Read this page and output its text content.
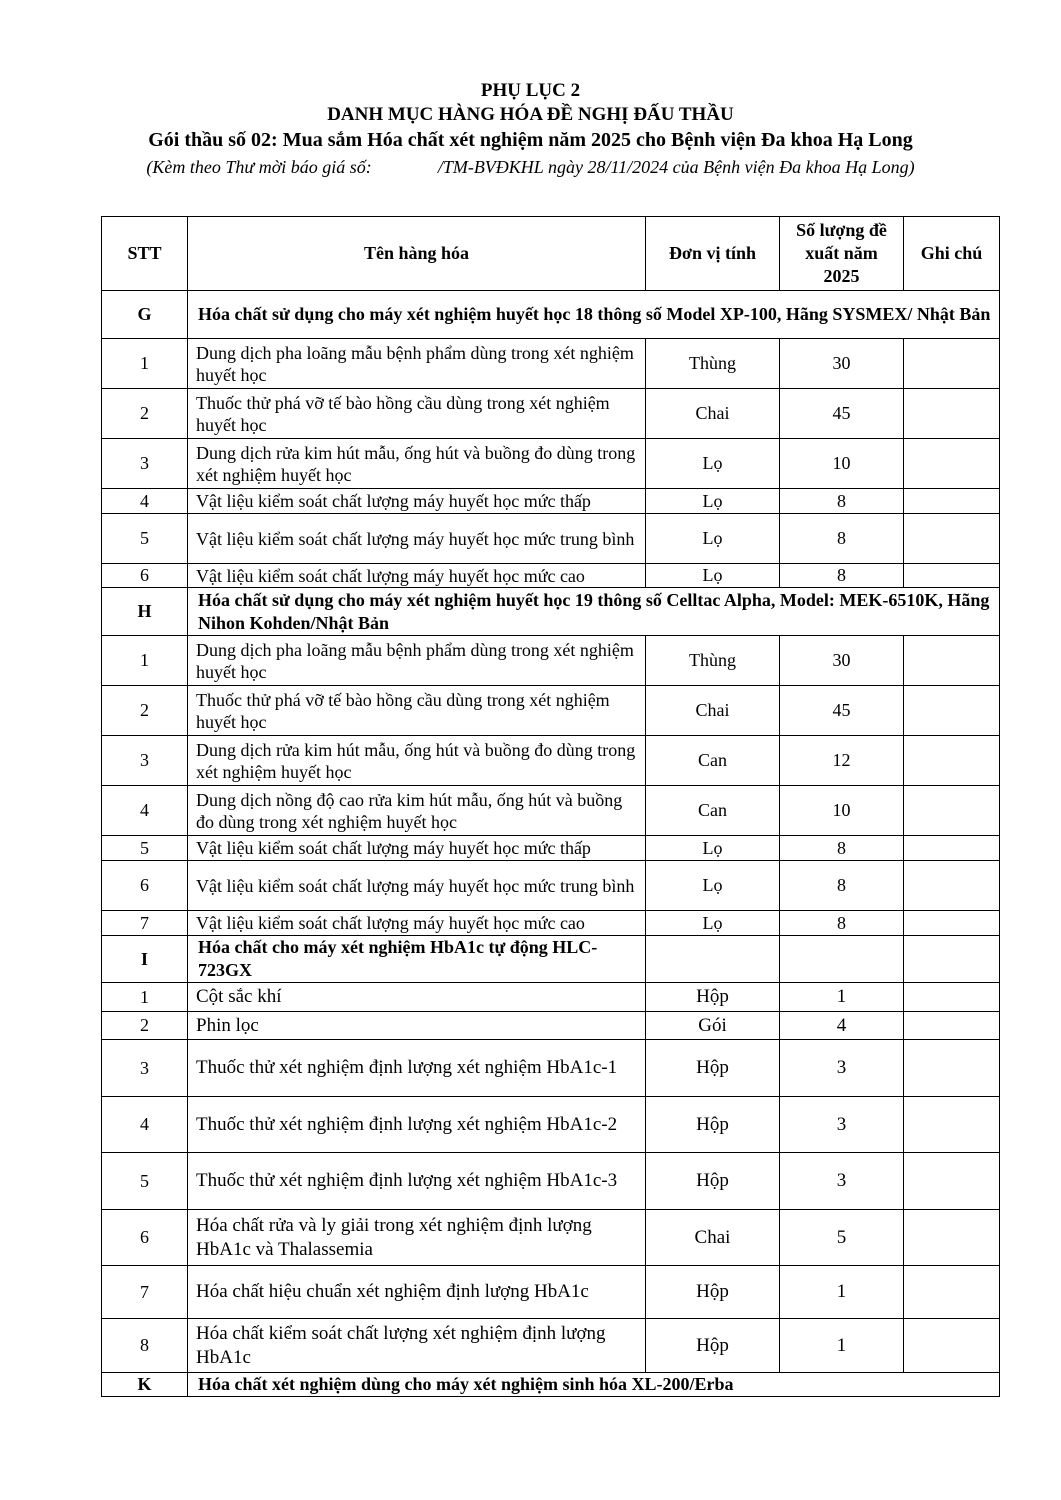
PHỤ LỤC 2
DANH MỤC HÀNG HÓA ĐỀ NGHỊ ĐẤU THẦU
Gói thầu số 02: Mua sắm Hóa chất xét nghiệm năm 2025 cho Bệnh viện Đa khoa Hạ Long
(Kèm theo Thư mời báo giá số:	/TM-BVĐKHL ngày 28/11/2024 của Bệnh viện Đa khoa Hạ Long)
STT	Tên hàng hóa	Đơn vị tính	Số lượng đề xuất năm 2025	Ghi chú
G	Hóa chất sử dụng cho máy xét nghiệm huyết học 18 thông số Model XP-100, Hãng SYSMEX/ Nhật Bản			
1	Dung dịch pha loãng mẫu bệnh phẩm dùng trong xét nghiệm huyết học	Thùng	30	
2	Thuốc thử phá vỡ tế bào hồng cầu dùng trong xét nghiệm huyết học	Chai	45	
3	Dung dịch rửa kim hút mẫu, ống hút và buồng đo dùng trong xét nghiệm huyết học	Lọ	10	
4	Vật liệu kiểm soát chất lượng máy huyết học mức thấp	Lọ	8	
5	Vật liệu kiểm soát chất lượng máy huyết học mức trung bình	Lọ	8	
6	Vật liệu kiểm soát chất lượng máy huyết học mức cao	Lọ	8	
H	Hóa chất sử dụng cho máy xét nghiệm huyết học 19 thông số Celltac Alpha, Model: MEK-6510K, Hãng Nihon Kohden/Nhật Bản			
1	Dung dịch pha loãng mẫu bệnh phẩm dùng trong xét nghiệm huyết học	Thùng	30	
2	Thuốc thử phá vỡ tế bào hồng cầu dùng trong xét nghiệm huyết học	Chai	45	
3	Dung dịch rửa kim hút mẫu, ống hút và buồng đo dùng trong xét nghiệm huyết học	Can	12	
4	Dung dịch nồng độ cao rửa kim hút mẫu, ống hút và buồng đo dùng trong xét nghiệm huyết học	Can	10	
5	Vật liệu kiểm soát chất lượng máy huyết học mức thấp	Lọ	8	
6	Vật liệu kiểm soát chất lượng máy huyết học mức trung bình	Lọ	8	
7	Vật liệu kiểm soát chất lượng máy huyết học mức cao	Lọ	8	
I	Hóa chất cho máy xét nghiệm HbA1c tự động HLC-723GX			
1	Cột sắc khí	Hộp	1	
2	Phin lọc	Gói	4	
3	Thuốc thử xét nghiệm định lượng xét nghiệm HbA1c-1	Hộp	3	
4	Thuốc thử xét nghiệm định lượng xét nghiệm HbA1c-2	Hộp	3	
5	Thuốc thử xét nghiệm định lượng xét nghiệm HbA1c-3	Hộp	3	
6	Hóa chất rửa và ly giải trong xét nghiệm định lượng HbA1c và Thalassemia	Chai	5	
7	Hóa chất hiệu chuẩn xét nghiệm định lượng HbA1c	Hộp	1	
8	Hóa chất kiểm soát chất lượng xét nghiệm định lượng HbA1c	Hộp	1	
K	Hóa chất xét nghiệm dùng cho máy xét nghiệm sinh hóa XL-200/Erba			
